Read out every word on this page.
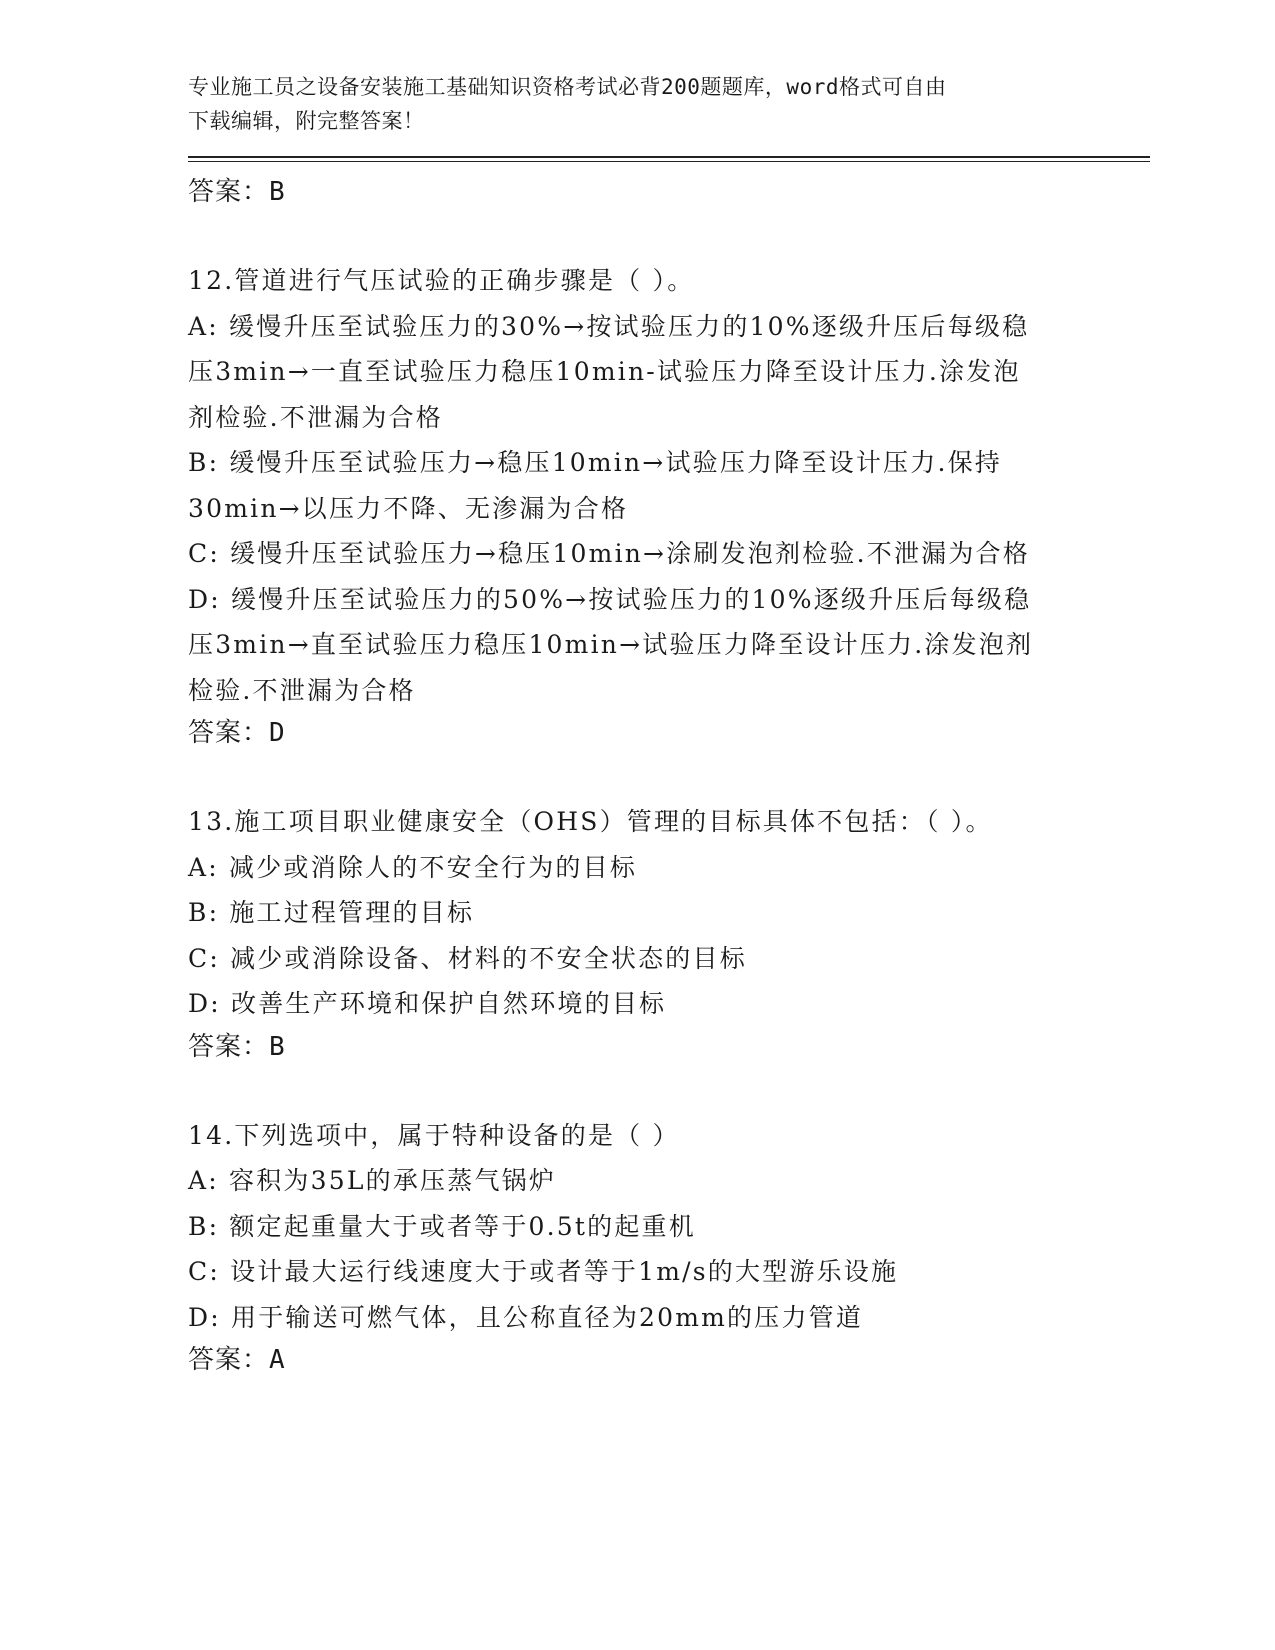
专业施工员之设备安装施工基础知识资格考试必背200题题库，word格式可自由
下载编辑，附完整答案！
答案：B
12.管道进行气压试验的正确步骤是（ ）。
A: 缓慢升压至试验压力的30%→按试验压力的10%逐级升压后每级稳
压3min→一直至试验压力稳压10min-试验压力降至设计压力.涂发泡
剂检验.不泄漏为合格
B: 缓慢升压至试验压力→稳压10min→试验压力降至设计压力.保持
30min→以压力不降、无渗漏为合格
C: 缓慢升压至试验压力→稳压10min→涂刷发泡剂检验.不泄漏为合格
D: 缓慢升压至试验压力的50%→按试验压力的10%逐级升压后每级稳
压3min→直至试验压力稳压10min→试验压力降至设计压力.涂发泡剂
检验.不泄漏为合格
答案：D
13.施工项目职业健康安全（OHS）管理的目标具体不包括：（ ）。
A: 减少或消除人的不安全行为的目标
B: 施工过程管理的目标
C: 减少或消除设备、材料的不安全状态的目标
D: 改善生产环境和保护自然环境的目标
答案：B
14.下列选项中，属于特种设备的是（ ）
A: 容积为35L的承压蒸气锅炉
B: 额定起重量大于或者等于0.5t的起重机
C: 设计最大运行线速度大于或者等于1m/s的大型游乐设施
D: 用于输送可燃气体，且公称直径为20mm的压力管道
答案：A
